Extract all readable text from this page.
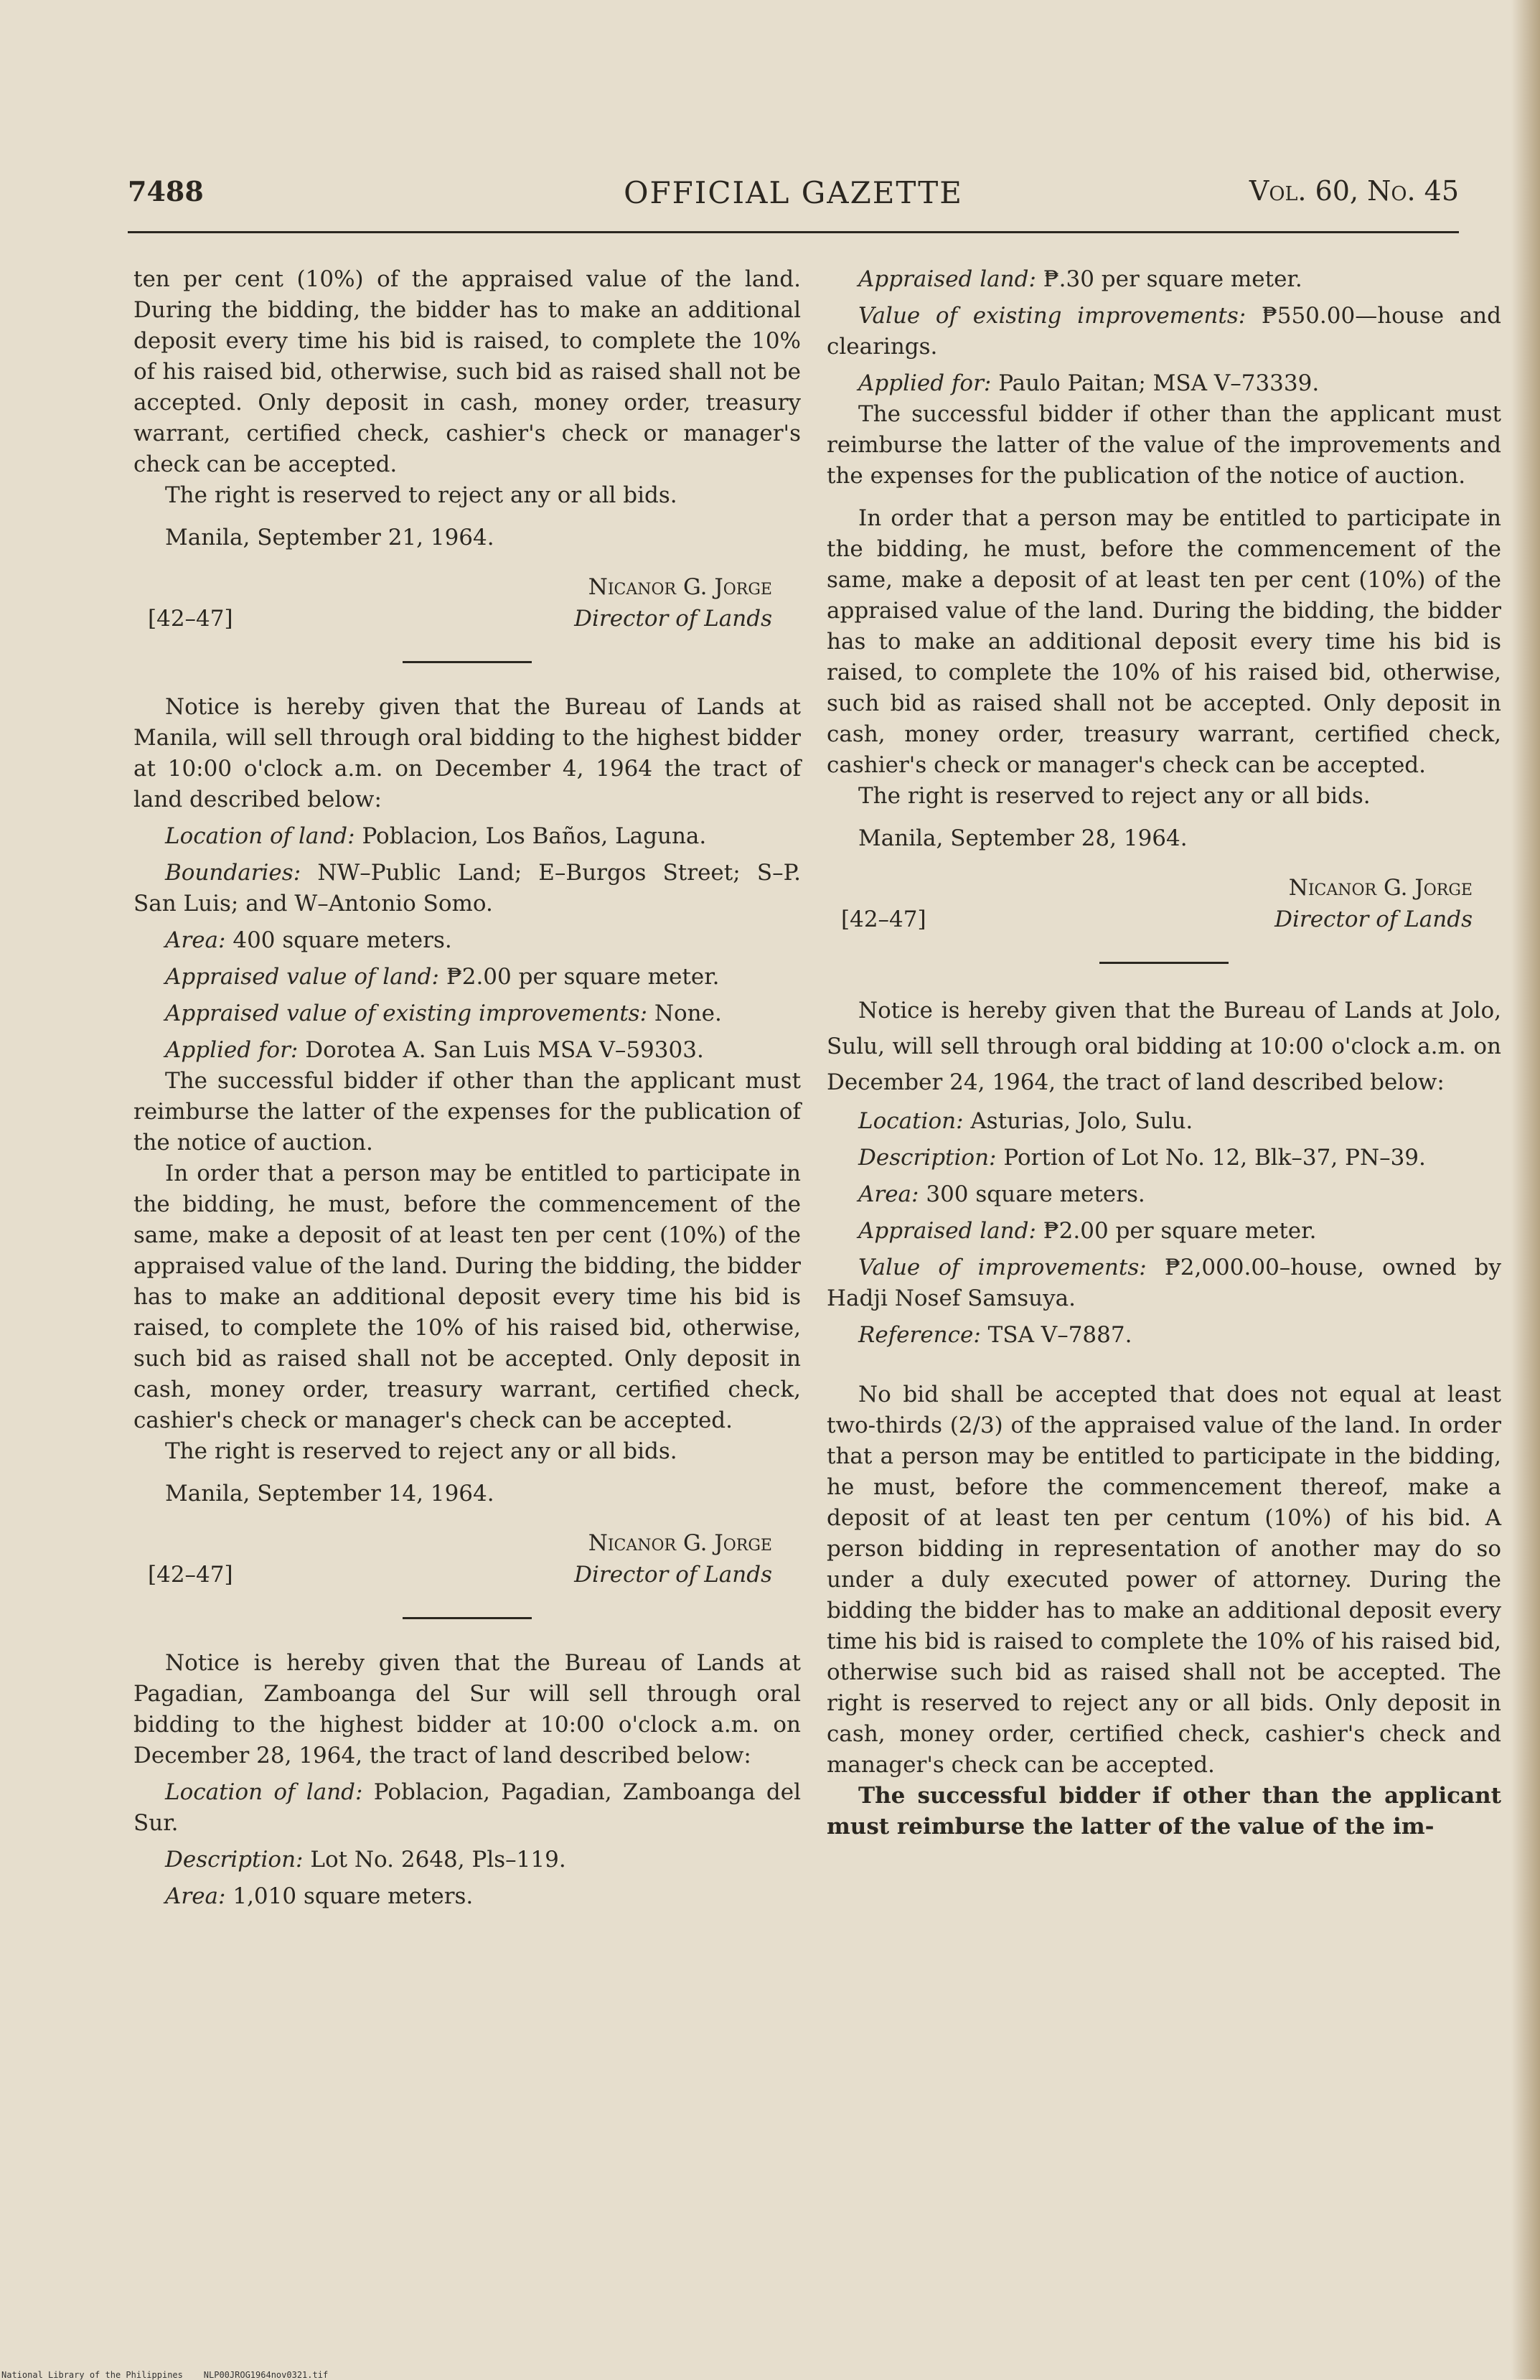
OFFICIAL GAZETTE
7488	Vol. 60, No. 45

ten per cent (10%) of the appraised value of the land. During the bidding, the bidder has to make an additional deposit every time his bid is raised, to complete the 10% of his raised bid, otherwise, such bid as raised shall not be accepted. Only deposit in cash, money order, treasury warrant, certified check, cashier's check or manager's check can be accepted.

The right is reserved to reject any or all bids.

Manila, September 21, 1964.

Nicanor G. Jorge
[42–47]	Director of Lands

Notice is hereby given that the Bureau of Lands at Manila, will sell through oral bidding to the highest bidder at 10:00 o'clock a.m. on December 4, 1964 the tract of land described below:

Location of land: Poblacion, Los Baños, Laguna.

Boundaries: NW–Public Land; E–Burgos Street; S–P. San Luis; and W–Antonio Somo.

Area: 400 square meters.

Appraised value of land: ₱2.00 per square meter.

Appraised value of existing improvements: None.

Applied for: Dorotea A. San Luis MSA V–59303.

The successful bidder if other than the applicant must reimburse the latter of the expenses for the publication of the notice of auction.

In order that a person may be entitled to participate in the bidding, he must, before the commencement of the same, make a deposit of at least ten per cent (10%) of the appraised value of the land. During the bidding, the bidder has to make an additional deposit every time his bid is raised, to complete the 10% of his raised bid, otherwise, such bid as raised shall not be accepted. Only deposit in cash, money order, treasury warrant, certified check, cashier's check or manager's check can be accepted.

The right is reserved to reject any or all bids.

Manila, September 14, 1964.

Nicanor G. Jorge
[42–47]	Director of Lands

Notice is hereby given that the Bureau of Lands at Pagadian, Zamboanga del Sur will sell through oral bidding to the highest bidder at 10:00 o'clock a.m. on December 28, 1964, the tract of land described below:

Location of land: Poblacion, Pagadian, Zamboanga del Sur.

Description: Lot No. 2648, Pls–119.

Area: 1,010 square meters.

Appraised land: ₱.30 per square meter.

Value of existing improvements: ₱550.00—house and clearings.

Applied for: Paulo Paitan; MSA V–73339.

The successful bidder if other than the applicant must reimburse the latter of the value of the improvements and the expenses for the publication of the notice of auction.

In order that a person may be entitled to participate in the bidding, he must, before the commencement of the same, make a deposit of at least ten per cent (10%) of the appraised value of the land. During the bidding, the bidder has to make an additional deposit every time his bid is raised, to complete the 10% of his raised bid, otherwise, such bid as raised shall not be accepted. Only deposit in cash, money order, treasury warrant, certified check, cashier's check or manager's check can be accepted.

The right is reserved to reject any or all bids.

Manila, September 28, 1964.

Nicanor G. Jorge
[42–47]	Director of Lands

Notice is hereby given that the Bureau of Lands at Jolo, Sulu, will sell through oral bidding at 10:00 o'clock a.m. on December 24, 1964, the tract of land described below:

Location: Asturias, Jolo, Sulu.

Description: Portion of Lot No. 12, Blk–37, PN–39.

Area: 300 square meters.

Appraised land: ₱2.00 per square meter.

Value of improvements: ₱2,000.00–house, owned by Hadji Nosef Samsuya.

Reference: TSA V–7887.

No bid shall be accepted that does not equal at least two-thirds (2/3) of the appraised value of the land. In order that a person may be entitled to participate in the bidding, he must, before the commencement thereof, make a deposit of at least ten per centum (10%) of his bid. A person bidding in representation of another may do so under a duly executed power of attorney. During the bidding the bidder has to make an additional deposit every time his bid is raised to complete the 10% of his raised bid, otherwise such bid as raised shall not be accepted. The right is reserved to reject any or all bids. Only deposit in cash, money order, certified check, cashier's check and manager's check can be accepted.

The successful bidder if other than the applicant must reimburse the latter of the value of the im-

National Library of the Philippines NLP00JROG1964nov0321.tif
